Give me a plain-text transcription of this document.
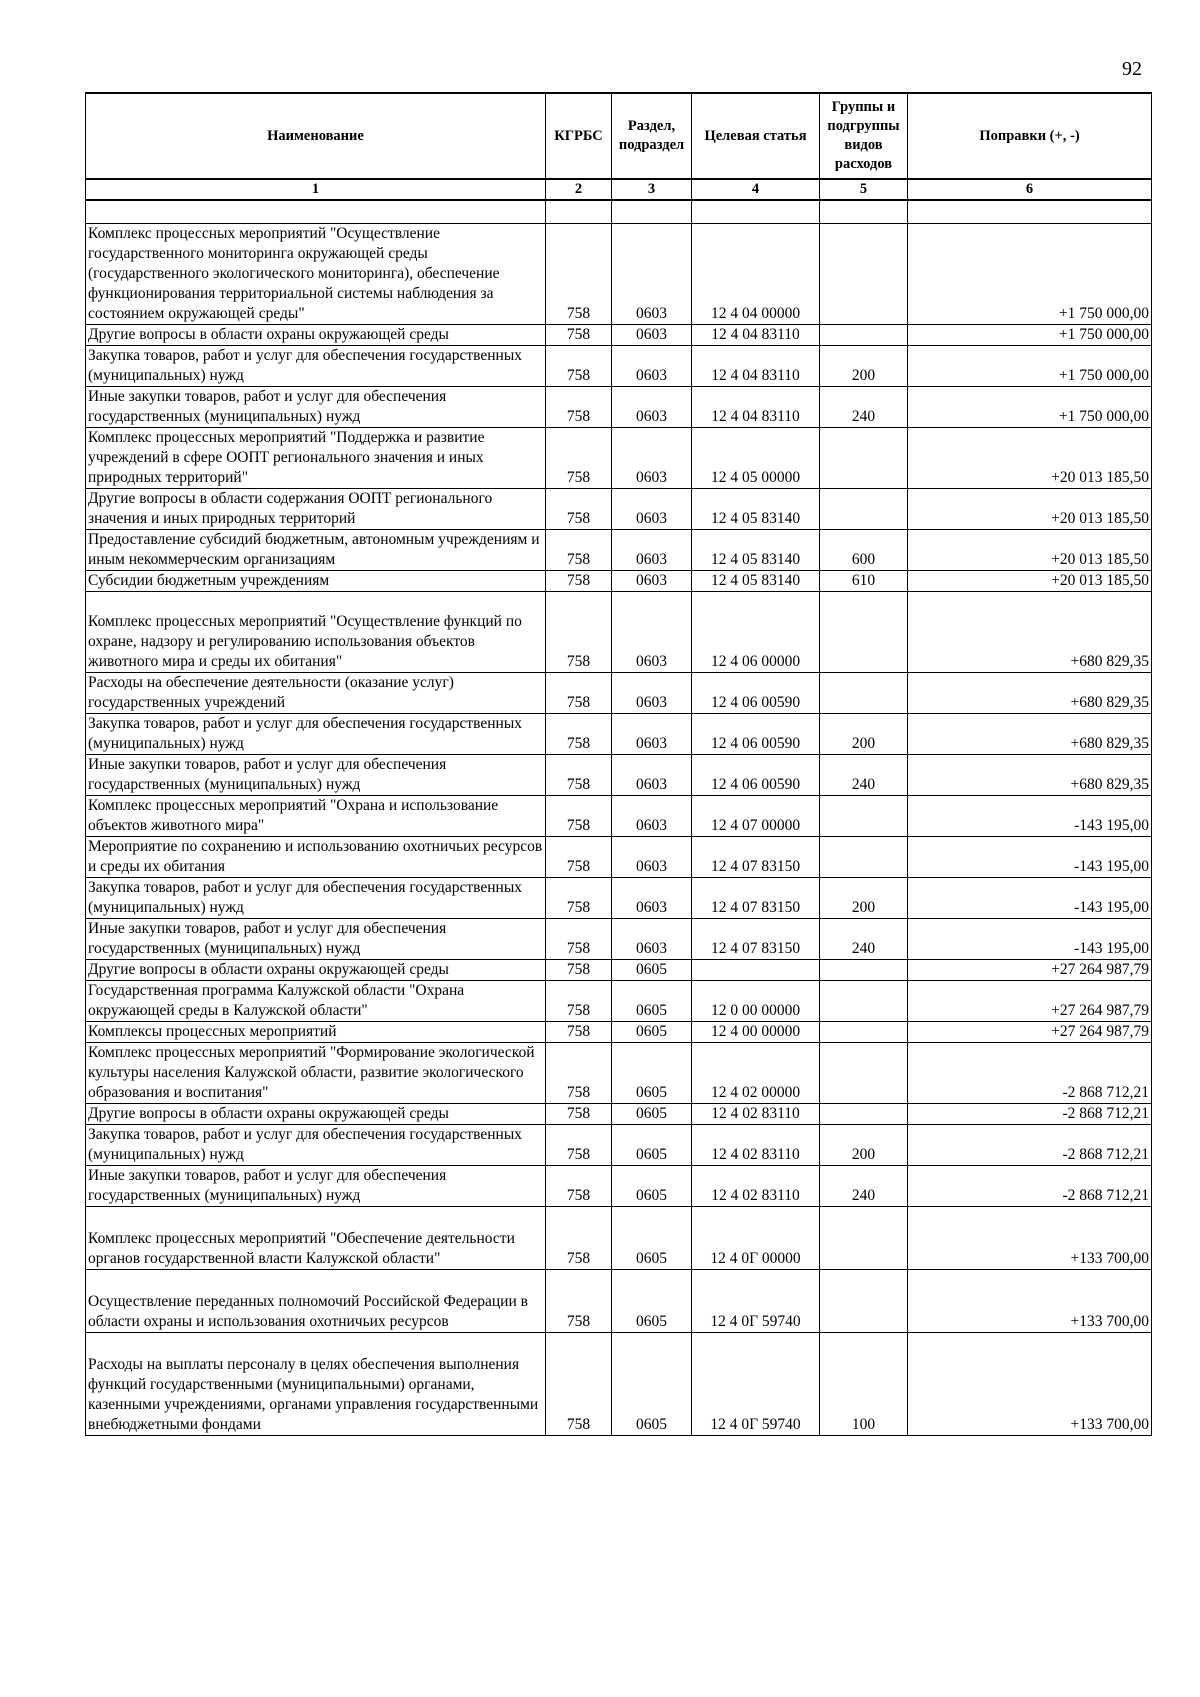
92
Наименование	КГРБС	Раздел, подраздел	Целевая статья	Группы и подгруппы видов расходов	Поправки (+, -)
1	2	3	4	5	6

Комплекс процессных мероприятий "Осуществление государственного мониторинга окружающей среды (государственного экологического мониторинга), обеспечение функционирования территориальной системы наблюдения за состоянием окружающей среды"	758	0603	12 4 04 00000		+1 750 000,00
Другие вопросы в области охраны окружающей среды	758	0603	12 4 04 83110		+1 750 000,00
Закупка товаров, работ и услуг для обеспечения государственных (муниципальных) нужд	758	0603	12 4 04 83110	200	+1 750 000,00
Иные закупки товаров, работ и услуг для обеспечения государственных (муниципальных) нужд	758	0603	12 4 04 83110	240	+1 750 000,00
Комплекс процессных мероприятий "Поддержка и развитие учреждений в сфере ООПТ регионального значения и иных природных территорий"	758	0603	12 4 05 00000		+20 013 185,50
Другие вопросы в области содержания ООПТ регионального значения и иных природных территорий	758	0603	12 4 05 83140		+20 013 185,50
Предоставление субсидий бюджетным, автономным учреждениям и иным некоммерческим организациям	758	0603	12 4 05 83140	600	+20 013 185,50
Субсидии бюджетным учреждениям	758	0603	12 4 05 83140	610	+20 013 185,50
Комплекс процессных мероприятий "Осуществление функций по охране, надзору и регулированию использования объектов животного мира и среды их обитания"	758	0603	12 4 06 00000		+680 829,35
Расходы на обеспечение деятельности (оказание услуг) государственных учреждений	758	0603	12 4 06 00590		+680 829,35
Закупка товаров, работ и услуг для обеспечения государственных (муниципальных) нужд	758	0603	12 4 06 00590	200	+680 829,35
Иные закупки товаров, работ и услуг для обеспечения государственных (муниципальных) нужд	758	0603	12 4 06 00590	240	+680 829,35
Комплекс процессных мероприятий "Охрана и использование объектов животного мира"	758	0603	12 4 07 00000		-143 195,00
Мероприятие по сохранению и использованию охотничьих ресурсов и среды их обитания	758	0603	12 4 07 83150		-143 195,00
Закупка товаров, работ и услуг для обеспечения государственных (муниципальных) нужд	758	0603	12 4 07 83150	200	-143 195,00
Иные закупки товаров, работ и услуг для обеспечения государственных (муниципальных) нужд	758	0603	12 4 07 83150	240	-143 195,00
Другие вопросы в области охраны окружающей среды	758	0605			+27 264 987,79
Государственная программа Калужской области "Охрана окружающей среды в Калужской области"	758	0605	12 0 00 00000		+27 264 987,79
Комплексы процессных мероприятий	758	0605	12 4 00 00000		+27 264 987,79
Комплекс процессных мероприятий "Формирование экологической культуры населения Калужской области, развитие экологического образования и воспитания"	758	0605	12 4 02 00000		-2 868 712,21
Другие вопросы в области охраны окружающей среды	758	0605	12 4 02 83110		-2 868 712,21
Закупка товаров, работ и услуг для обеспечения государственных (муниципальных) нужд	758	0605	12 4 02 83110	200	-2 868 712,21
Иные закупки товаров, работ и услуг для обеспечения государственных (муниципальных) нужд	758	0605	12 4 02 83110	240	-2 868 712,21
Комплекс процессных мероприятий "Обеспечение деятельности органов государственной власти Калужской области"	758	0605	12 4 0Г 00000		+133 700,00
Осуществление переданных полномочий Российской Федерации в области охраны и использования охотничьих ресурсов	758	0605	12 4 0Г 59740		+133 700,00
Расходы на выплаты персоналу в целях обеспечения выполнения функций государственными (муниципальными) органами, казенными учреждениями, органами управления государственными внебюджетными фондами	758	0605	12 4 0Г 59740	100	+133 700,00
